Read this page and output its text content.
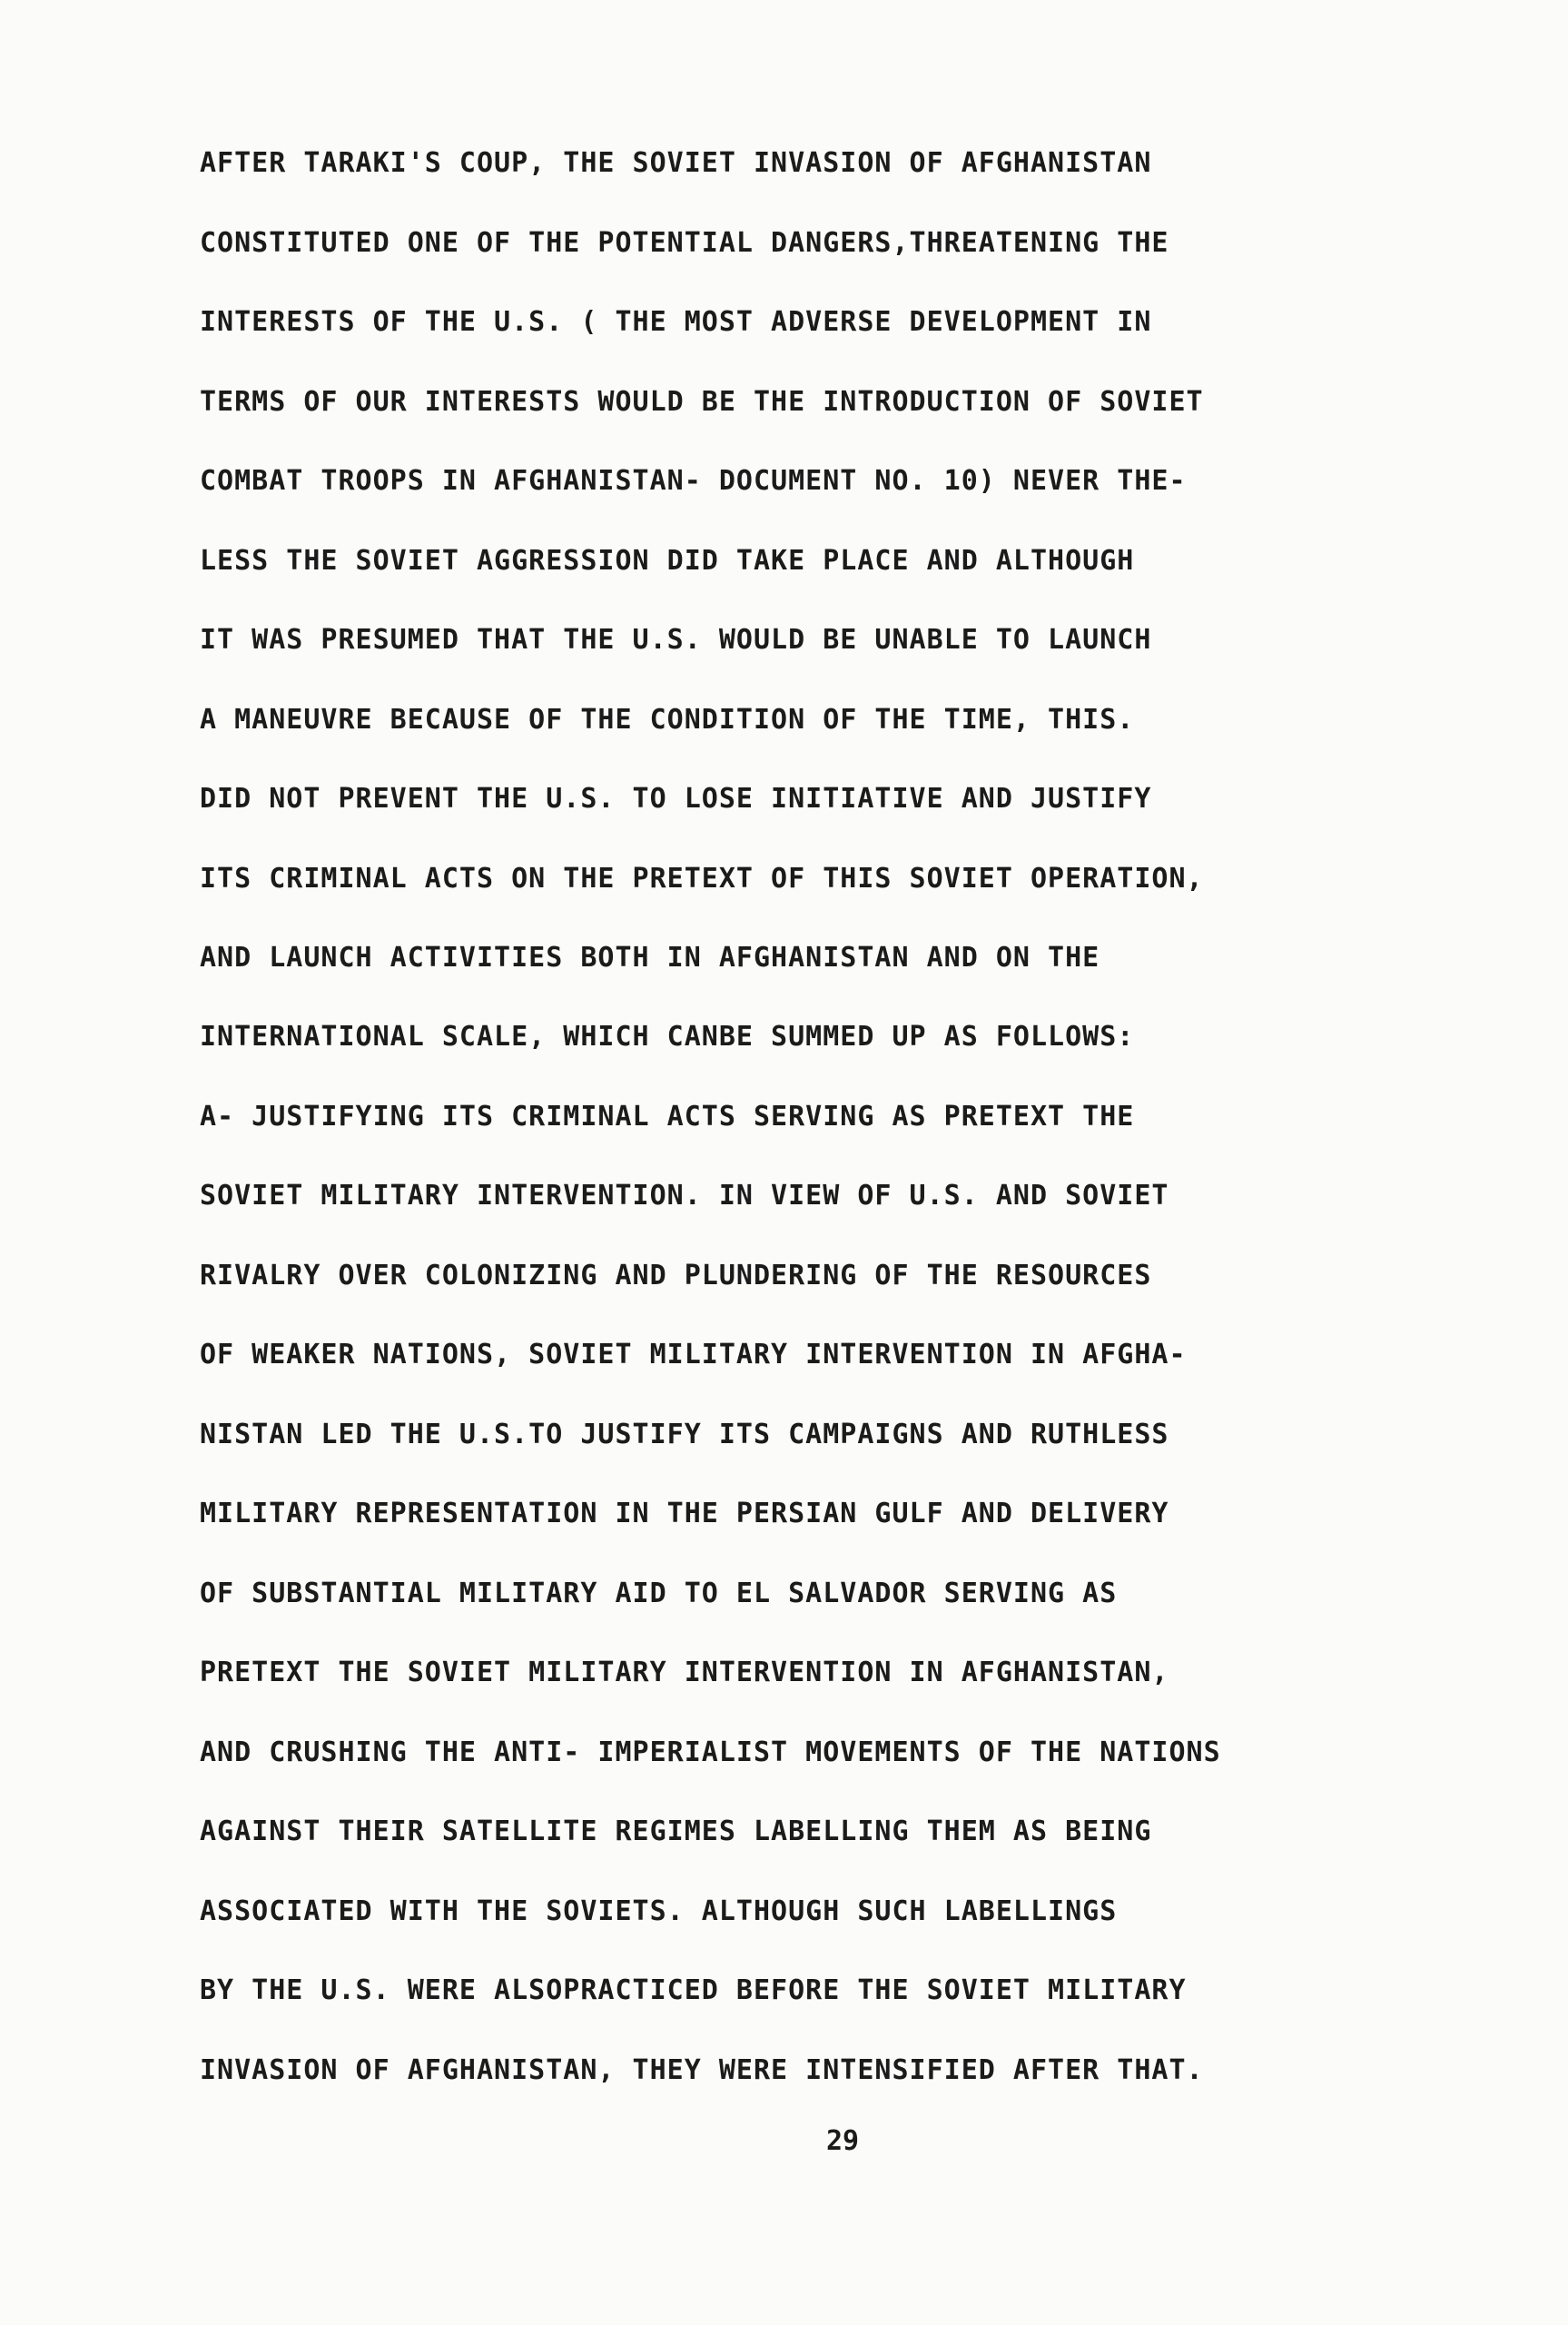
AFTER TARAKI'S COUP, THE SOVIET INVASION OF AFGHANISTAN
CONSTITUTED ONE OF THE POTENTIAL DANGERS,THREATENING THE
INTERESTS OF THE U.S. ( THE MOST ADVERSE DEVELOPMENT IN
TERMS OF OUR INTERESTS WOULD BE THE INTRODUCTION OF SOVIET
COMBAT TROOPS IN AFGHANISTAN- DOCUMENT NO. 10) NEVER THE-
LESS THE SOVIET AGGRESSION DID TAKE PLACE AND ALTHOUGH
IT WAS PRESUMED THAT THE U.S. WOULD BE UNABLE TO LAUNCH
A MANEUVRE BECAUSE OF THE CONDITION OF THE TIME, THIS.
DID NOT PREVENT THE U.S. TO LOSE INITIATIVE AND JUSTIFY
ITS CRIMINAL ACTS ON THE PRETEXT OF THIS SOVIET OPERATION,
AND LAUNCH ACTIVITIES BOTH IN AFGHANISTAN AND ON THE
INTERNATIONAL SCALE, WHICH CANBE SUMMED UP AS FOLLOWS:
A- JUSTIFYING ITS CRIMINAL ACTS SERVING AS PRETEXT THE
SOVIET MILITARY INTERVENTION. IN VIEW OF U.S. AND SOVIET
RIVALRY OVER COLONIZING AND PLUNDERING OF THE RESOURCES
OF WEAKER NATIONS, SOVIET MILITARY INTERVENTION IN AFGHA-
NISTAN LED THE U.S.TO JUSTIFY ITS CAMPAIGNS AND RUTHLESS
MILITARY REPRESENTATION IN THE PERSIAN GULF AND DELIVERY
OF SUBSTANTIAL MILITARY AID TO EL SALVADOR SERVING AS
PRETEXT THE SOVIET MILITARY INTERVENTION IN AFGHANISTAN,
AND CRUSHING THE ANTI- IMPERIALIST MOVEMENTS OF THE NATIONS
AGAINST THEIR SATELLITE REGIMES LABELLING THEM AS BEING
ASSOCIATED WITH THE SOVIETS. ALTHOUGH SUCH LABELLINGS
BY THE U.S. WERE ALSOPRACTICED BEFORE THE SOVIET MILITARY
INVASION OF AFGHANISTAN, THEY WERE INTENSIFIED AFTER THAT.
29
